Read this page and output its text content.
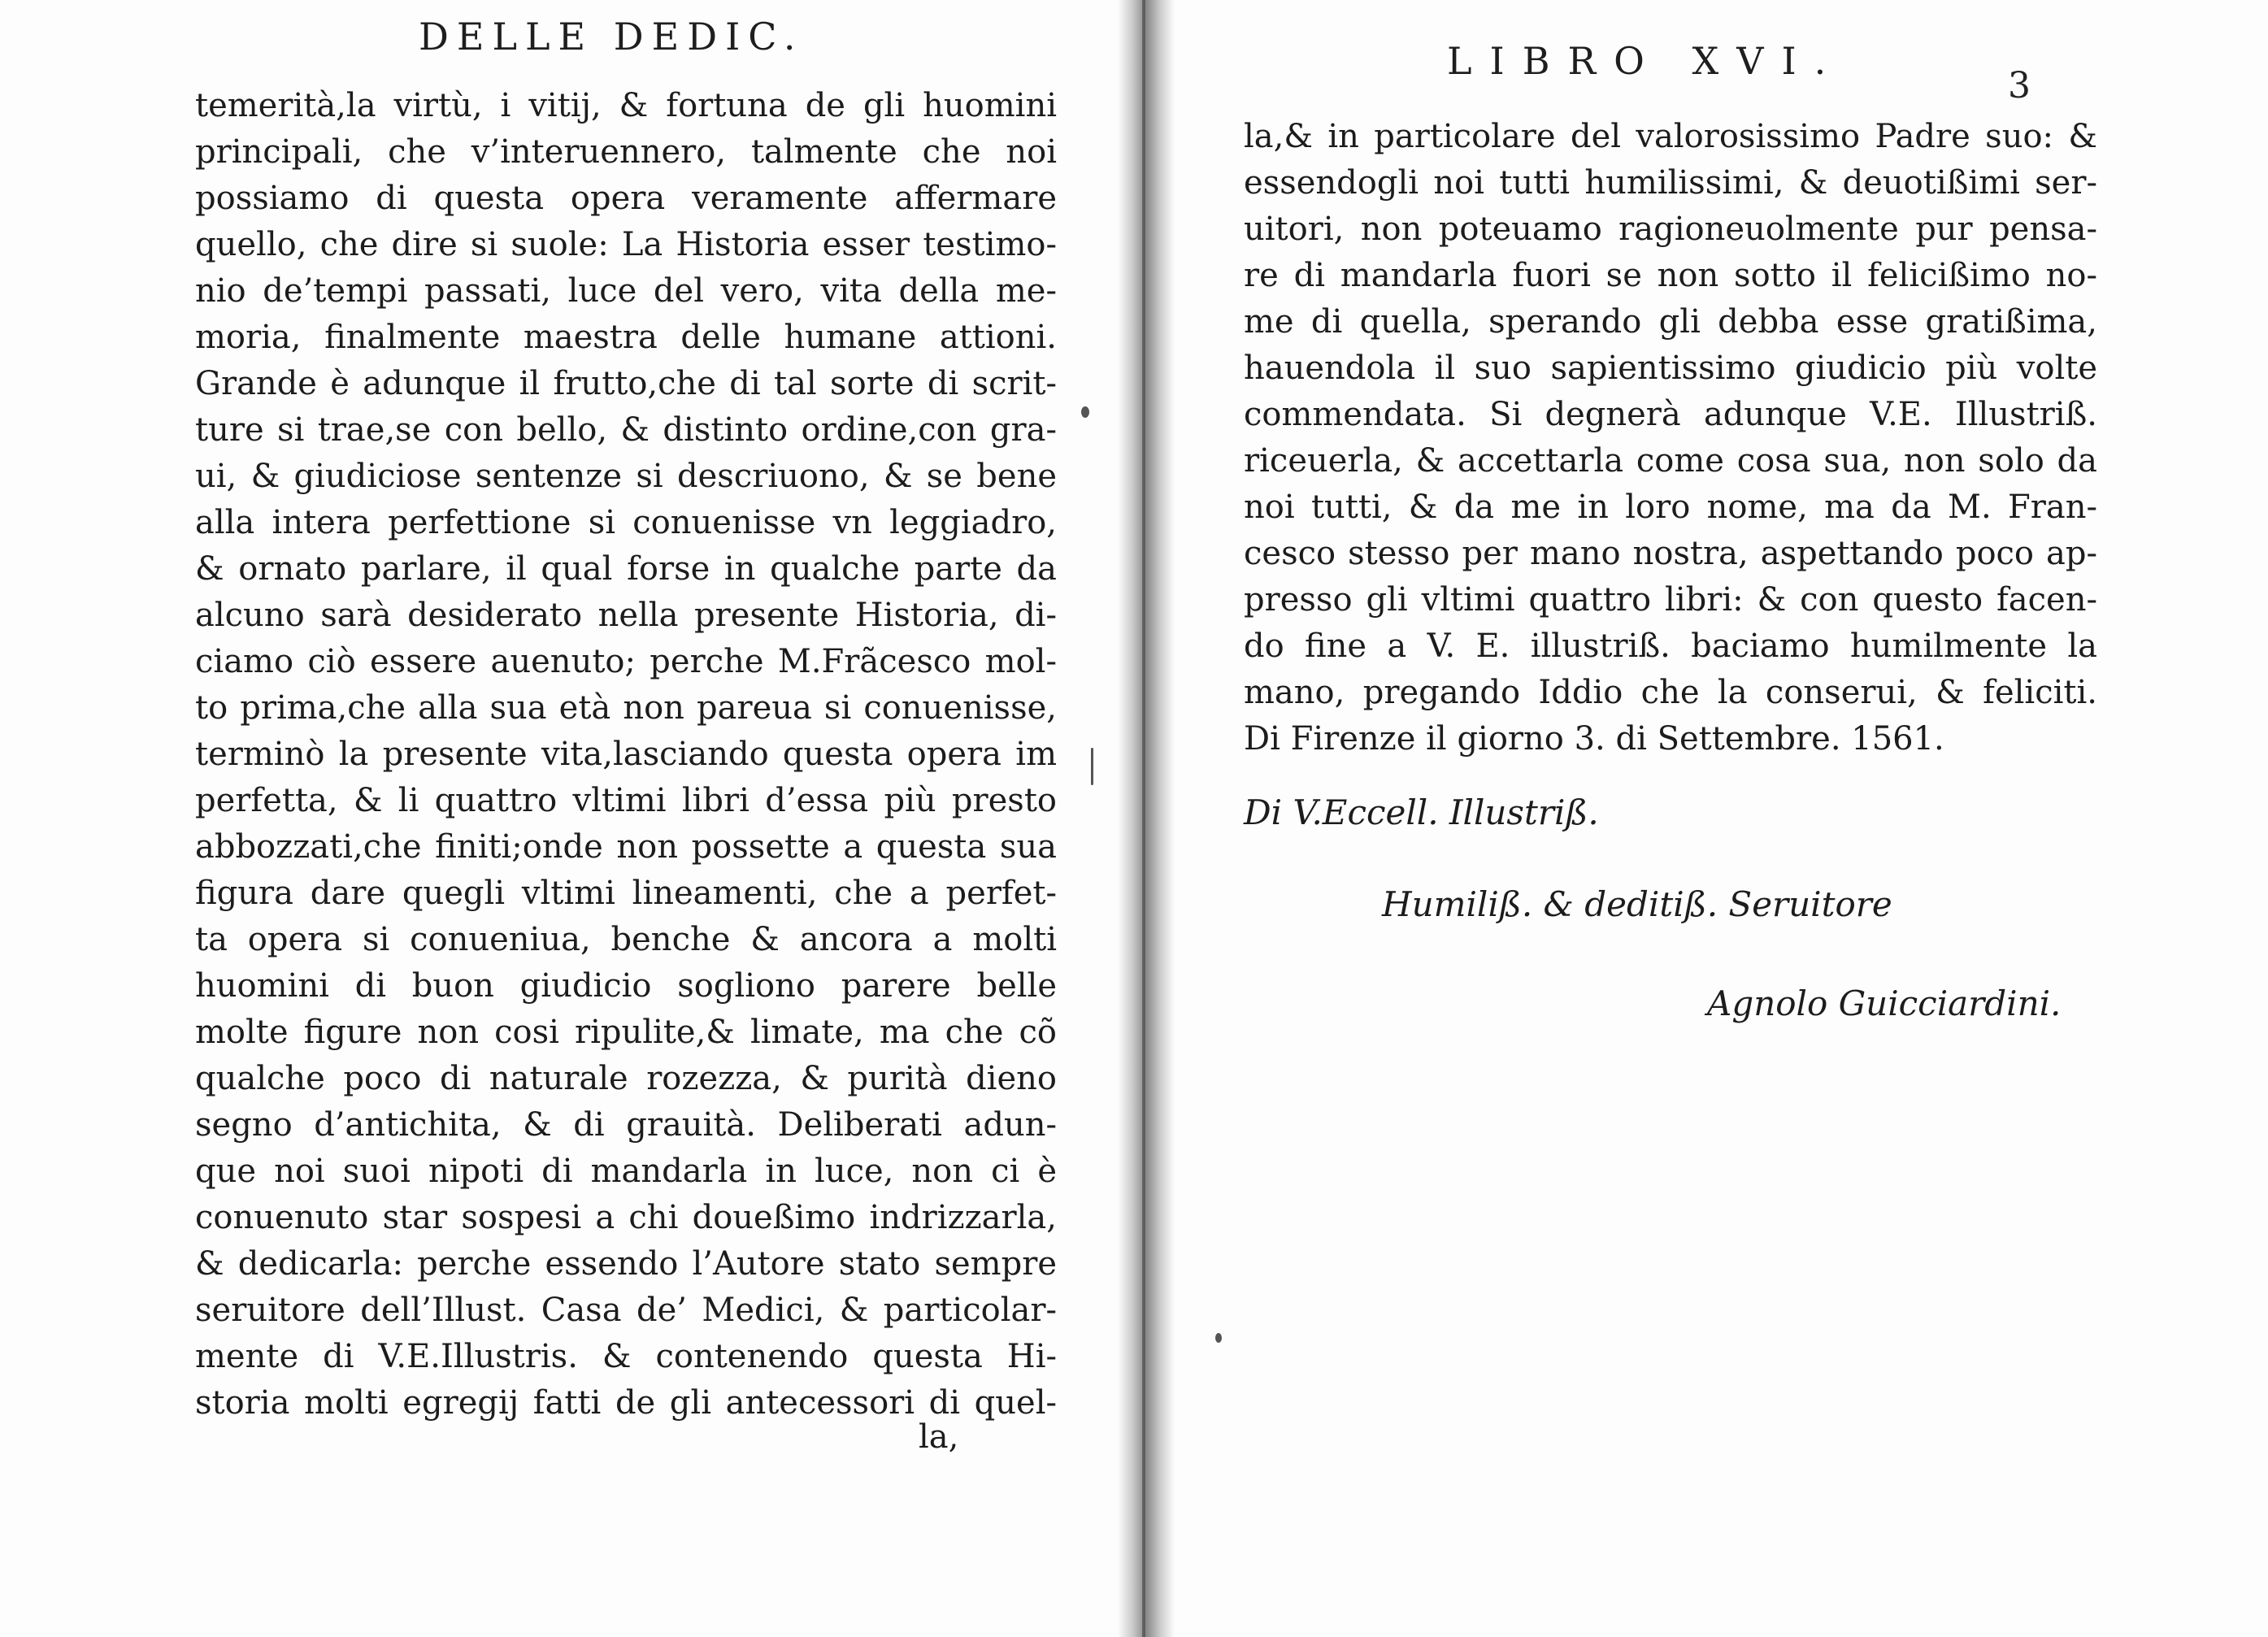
DELLE DEDIC.
temerità,la virtù, i vitij, & fortuna de gli huomini
principali, che v’interuennero, talmente che noi
possiamo di questa opera veramente affermare
quello, che dire si suole: La Historia esser testimo-
nio de’tempi passati, luce del vero, vita della me-
moria, finalmente maestra delle humane attioni.
Grande è adunque il frutto,che di tal sorte di scrit-
ture si trae,se con bello, & distinto ordine,con gra-
ui, & giudiciose sentenze si descriuono, & se bene
alla intera perfettione si conuenisse vn leggiadro,
& ornato parlare, il qual forse in qualche parte da
alcuno sarà desiderato nella presente Historia, di-
ciamo ciò essere auenuto; perche M.Frãcesco mol-
to prima,che alla sua età non pareua si conuenisse,
terminò la presente vita,lasciando questa opera im
perfetta, & li quattro vltimi libri d’essa più presto
abbozzati,che finiti;onde non possette a questa sua
figura dare quegli vltimi lineamenti, che a perfet-
ta opera si conueniua, benche & ancora a molti
huomini di buon giudicio sogliono parere belle
molte figure non cosi ripulite,& limate, ma che cõ
qualche poco di naturale rozezza, & purità dieno
segno d’antichita, & di grauità. Deliberati adun-
que noi suoi nipoti di mandarla in luce, non ci è
conuenuto star sospesi a chi doueßimo indrizzarla,
& dedicarla: perche essendo l’Autore stato sempre
seruitore dell’Illust. Casa de’ Medici, & particolar-
mente di V.E.Illustris. & contenendo questa Hi-
storia molti egregij fatti de gli antecessori di quel-
la,
LIBRO XVI.
3
la,& in particolare del valorosissimo Padre suo: &
essendogli noi tutti humilissimi, & deuotißimi ser-
uitori, non poteuamo ragioneuolmente pur pensa-
re di mandarla fuori se non sotto il felicißimo no-
me di quella, sperando gli debba esse gratißima,
hauendola il suo sapientissimo giudicio più volte
commendata. Si degnerà adunque V.E. Illustriß.
riceuerla, & accettarla come cosa sua, non solo da
noi tutti, & da me in loro nome, ma da M. Fran-
cesco stesso per mano nostra, aspettando poco ap-
presso gli vltimi quattro libri: & con questo facen-
do fine a V. E. illustriß. baciamo humilmente la
mano, pregando Iddio che la conserui, & feliciti.
Di Firenze il giorno 3. di Settembre. 1561.
Di V.Eccell. Illustriß.
Humiliß. & deditiß. Seruitore
Agnolo Guicciardini.
